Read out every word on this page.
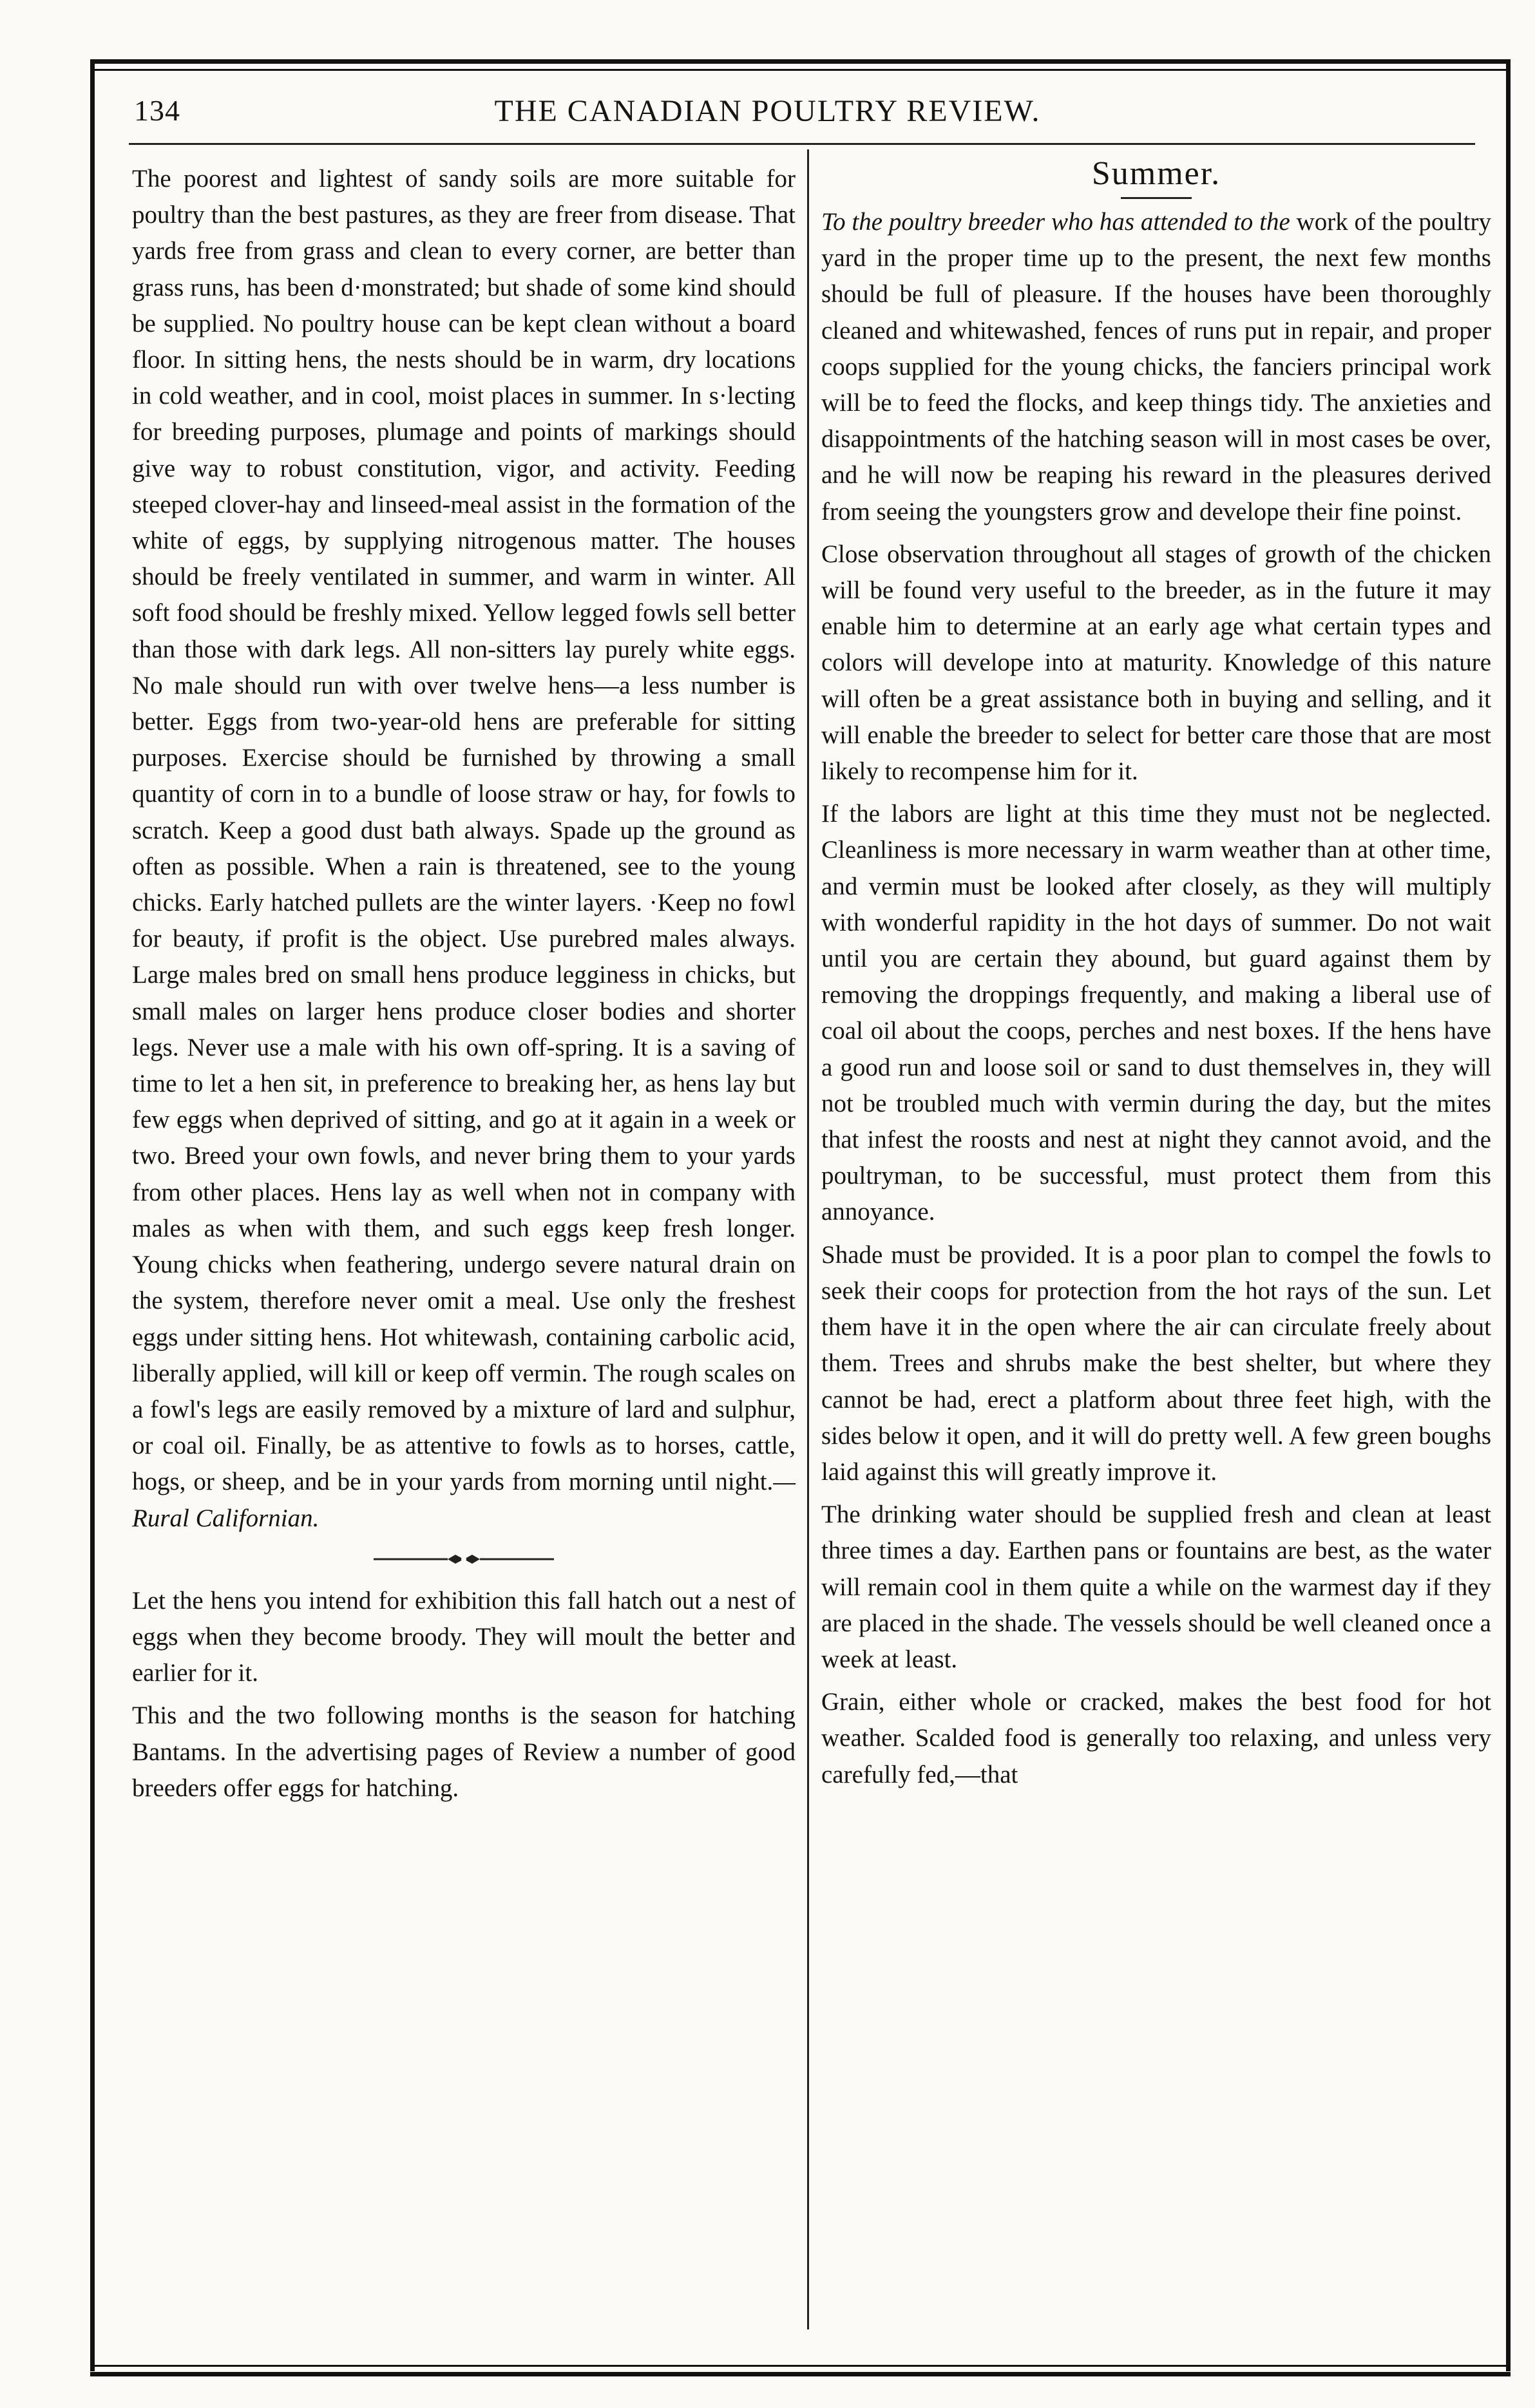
134	THE CANADIAN POULTRY REVIEW.

The poorest and lightest of sandy soils are more suitable for poultry than the best pastures, as they are freer from disease. That yards free from grass and clean to every corner, are better than grass runs, has been d·monstrated; but shade of some kind should be supplied. No poultry house can be kept clean without a board floor. In sitting hens, the nests should be in warm, dry locations in cold weather, and in cool, moist places in summer. In s·lecting for breeding purposes, plumage and points of markings should give way to robust constitution, vigor, and activity. Feeding steeped clover-hay and linseed-meal assist in the formation of the white of eggs, by supplying nitrogenous matter. The houses should be freely ventilated in summer, and warm in winter. All soft food should be freshly mixed. Yellow legged fowls sell better than those with dark legs. All non-sitters lay purely white eggs. No male should run with over twelve hens—a less number is better. Eggs from two-year-old hens are preferable for sitting purposes. Exercise should be furnished by throwing a small quantity of corn in to a bundle of loose straw or hay, for fowls to scratch. Keep a good dust bath always. Spade up the ground as often as possible. When a rain is threatened, see to the young chicks. Early hatched pullets are the winter layers. ·Keep no fowl for beauty, if profit is the object. Use purebred males always. Large males bred on small hens produce legginess in chicks, but small males on larger hens produce closer bodies and shorter legs. Never use a male with his own off-spring. It is a saving of time to let a hen sit, in preference to breaking her, as hens lay but few eggs when deprived of sitting, and go at it again in a week or two. Breed your own fowls, and never bring them to your yards from other places. Hens lay as well when not in company with males as when with them, and such eggs keep fresh longer. Young chicks when feathering, undergo severe natural drain on the system, therefore never omit a meal. Use only the freshest eggs under sitting hens. Hot whitewash, containing carbolic acid, liberally applied, will kill or keep off vermin. The rough scales on a fowl's legs are easily removed by a mixture of lard and sulphur, or coal oil. Finally, be as attentive to fowls as to horses, cattle, hogs, or sheep, and be in your yards from morning until night.—Rural Californian.

Let the hens you intend for exhibition this fall hatch out a nest of eggs when they become broody. They will moult the better and earlier for it.

This and the two following months is the season for hatching Bantams. In the advertising pages of Review a number of good breeders offer eggs for hatching.

Summer.

To the poultry breeder who has attended to the work of the poultry yard in the proper time up to the present, the next few months should be full of pleasure. If the houses have been thoroughly cleaned and whitewashed, fences of runs put in repair, and proper coops supplied for the young chicks, the fanciers principal work will be to feed the flocks, and keep things tidy. The anxieties and disappointments of the hatching season will in most cases be over, and he will now be reaping his reward in the pleasures derived from seeing the youngsters grow and develope their fine poinst.

Close observation throughout all stages of growth of the chicken will be found very useful to the breeder, as in the future it may enable him to determine at an early age what certain types and colors will develope into at maturity. Knowledge of this nature will often be a great assistance both in buying and selling, and it will enable the breeder to select for better care those that are most likely to recompense him for it.

If the labors are light at this time they must not be neglected. Cleanliness is more necessary in warm weather than at other time, and vermin must be looked after closely, as they will multiply with wonderful rapidity in the hot days of summer. Do not wait until you are certain they abound, but guard against them by removing the droppings frequently, and making a liberal use of coal oil about the coops, perches and nest boxes. If the hens have a good run and loose soil or sand to dust themselves in, they will not be troubled much with vermin during the day, but the mites that infest the roosts and nest at night they cannot avoid, and the poultryman, to be successful, must protect them from this annoyance.

Shade must be provided. It is a poor plan to compel the fowls to seek their coops for protection from the hot rays of the sun. Let them have it in the open where the air can circulate freely about them. Trees and shrubs make the best shelter, but where they cannot be had, erect a platform about three feet high, with the sides below it open, and it will do pretty well. A few green boughs laid against this will greatly improve it.

The drinking water should be supplied fresh and clean at least three times a day. Earthen pans or fountains are best, as the water will remain cool in them quite a while on the warmest day if they are placed in the shade. The vessels should be well cleaned once a week at least.

Grain, either whole or cracked, makes the best food for hot weather. Scalded food is generally too relaxing, and unless very carefully fed,—that
